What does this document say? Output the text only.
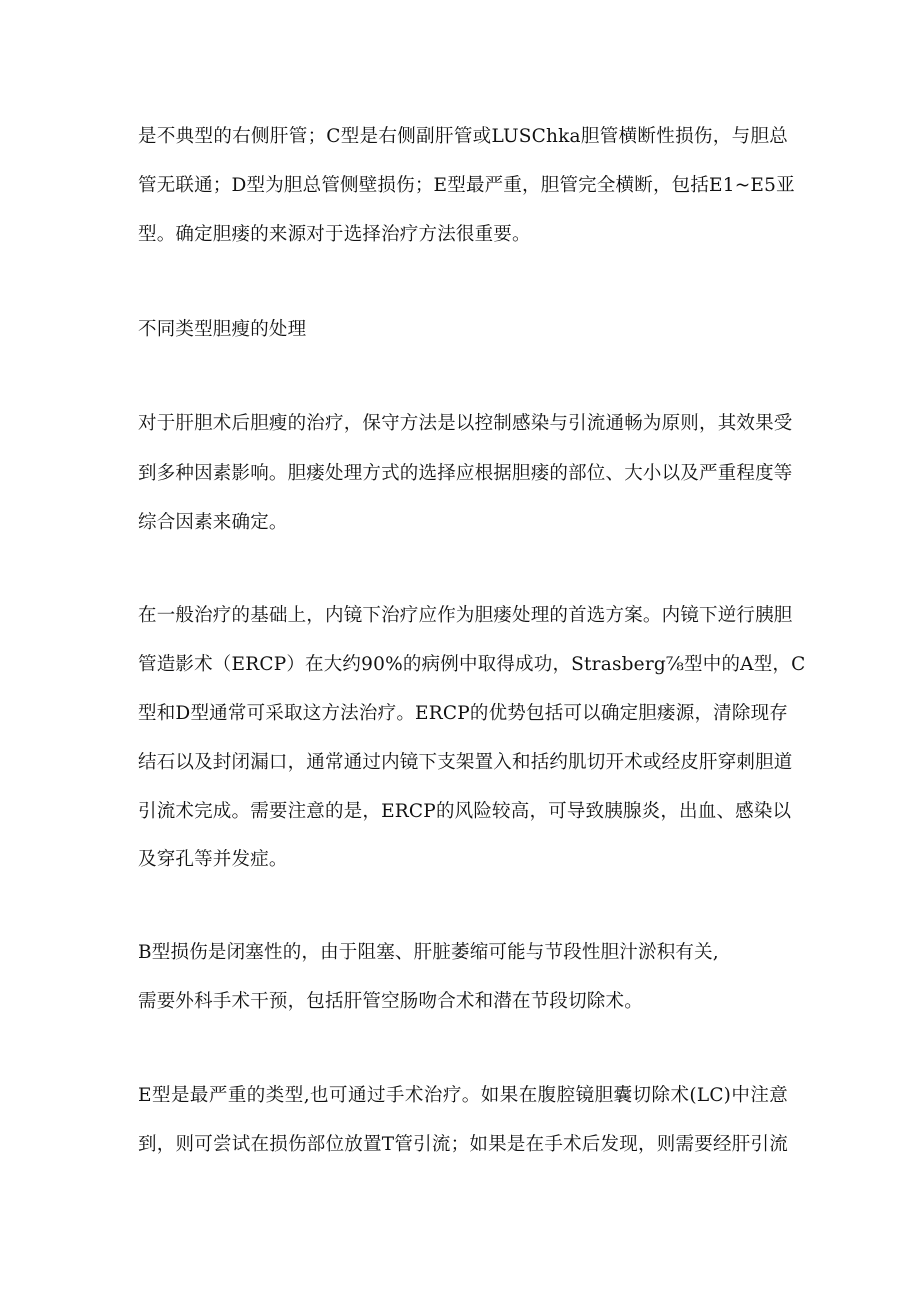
是不典型的右侧肝管；C型是右侧副肝管或LUSChka胆管横断性损伤，与胆总
管无联通；D型为胆总管侧壁损伤；E型最严重，胆管完全横断，包括E1~E5亚
型。确定胆瘘的来源对于选择治疗方法很重要。
不同类型胆瘦的处理
对于肝胆术后胆瘦的治疗，保守方法是以控制感染与引流通畅为原则，其效果受
到多种因素影响。胆瘘处理方式的选择应根据胆瘘的部位、大小以及严重程度等
综合因素来确定。
在一般治疗的基础上，内镜下治疗应作为胆瘘处理的首选方案。内镜下逆行胰胆
管造影术（ERCP）在大约90%的病例中取得成功，Strasberg⅞型中的A型，C
型和D型通常可采取这方法治疗。ERCP的优势包括可以确定胆瘘源，清除现存
结石以及封闭漏口，通常通过内镜下支架置入和括约肌切开术或经皮肝穿刺胆道
引流术完成。需要注意的是，ERCP的风险较高，可导致胰腺炎，出血、感染以
及穿孔等并发症。
B型损伤是闭塞性的，由于阻塞、肝脏萎缩可能与节段性胆汁淤积有关,
需要外科手术干预，包括肝管空肠吻合术和潜在节段切除术。
E型是最严重的类型,也可通过手术治疗。如果在腹腔镜胆囊切除术(LC)中注意
到，则可尝试在损伤部位放置T管引流；如果是在手术后发现，则需要经肝引流
